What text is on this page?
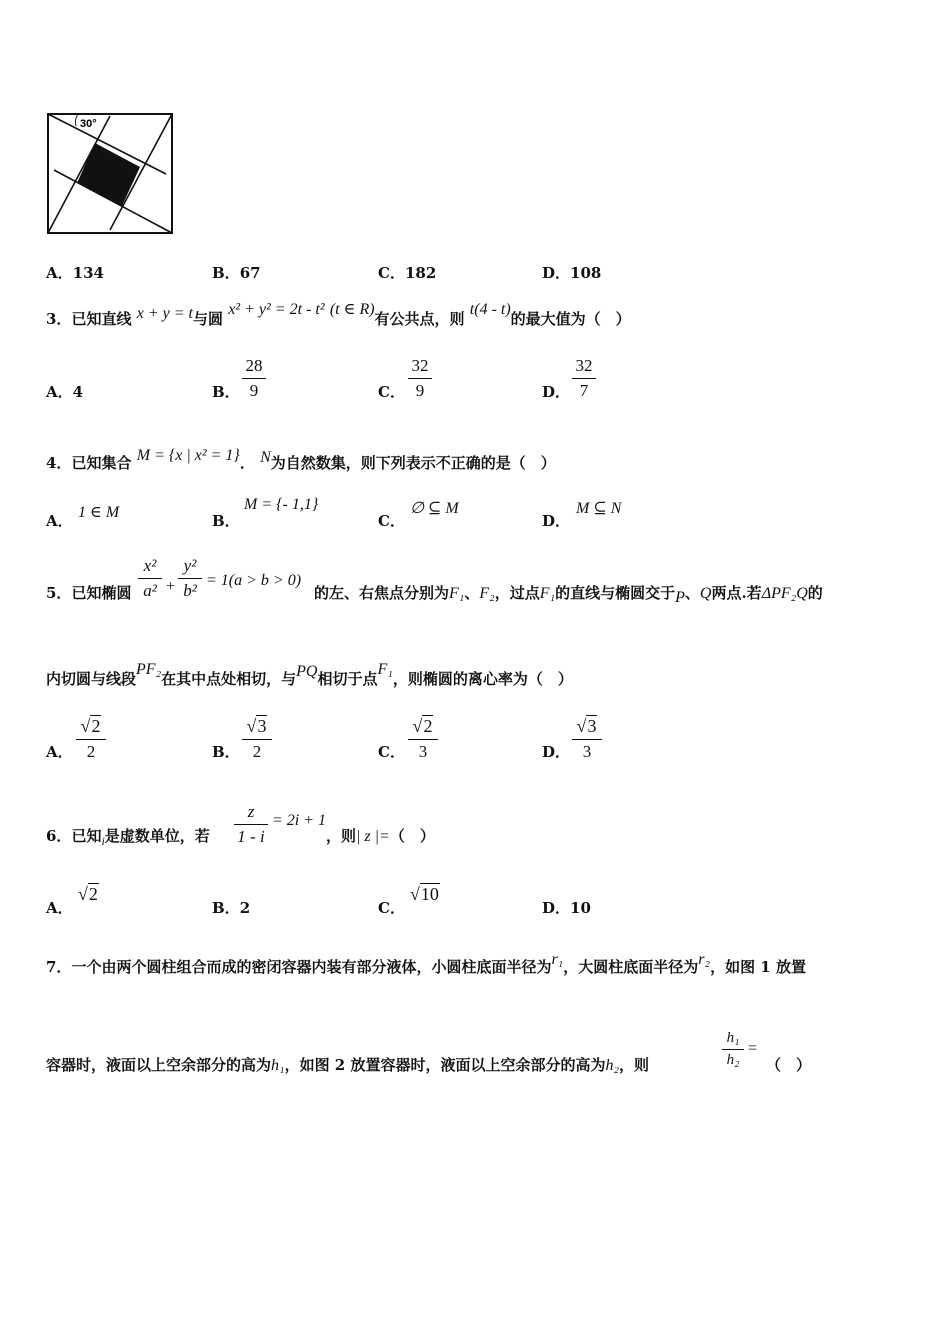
30°
A．134	B．67	C．182	D．108
3．已知直线 x + y = t与圆 x² + y² = 2t - t² (t ∈ R)有公共点，则 t(4 - t)的最大值为（　）
A．4	B．
28
9	C．
32
9	D．
32
7
4．已知集合 M = {x | x² = 1}． N为自然数集，则下列表示不正确的是（　）
A． 1 ∈ M	B．
M = {- 1,1}
C．
∅ ⊆ M
D．
M ⊆ N
5．已知椭圆
x²
a² +
y²
b²
= 1(a > b > 0)
的左、右焦点分别为F₁、F₂，过点F₁的直线与椭圆交于P、Q两点.若ΔPF₂Q的
内切圆与线段PF₂在其中点处相切，与PQ相切于点F₁，则椭圆的离心率为（　）
A．
√2
2	B．
√3
2	C．
√2
3	D．
√3
3
6．已知$_i$是虚数单位，若
z
1 - i
= 2i + 1
，则| z |=（　）
A．
√2
B．2	C．
√10
D．10
7．一个由两个圆柱组合而成的密闭容器内装有部分液体，小圆柱底面半径为r₁，大圆柱底面半径为r₂，如图 1 放置
容器时，液面以上空余部分的高为h₁，如图 2 放置容器时，液面以上空余部分的高为h₂，则
h₁
h₂
=
（　）
